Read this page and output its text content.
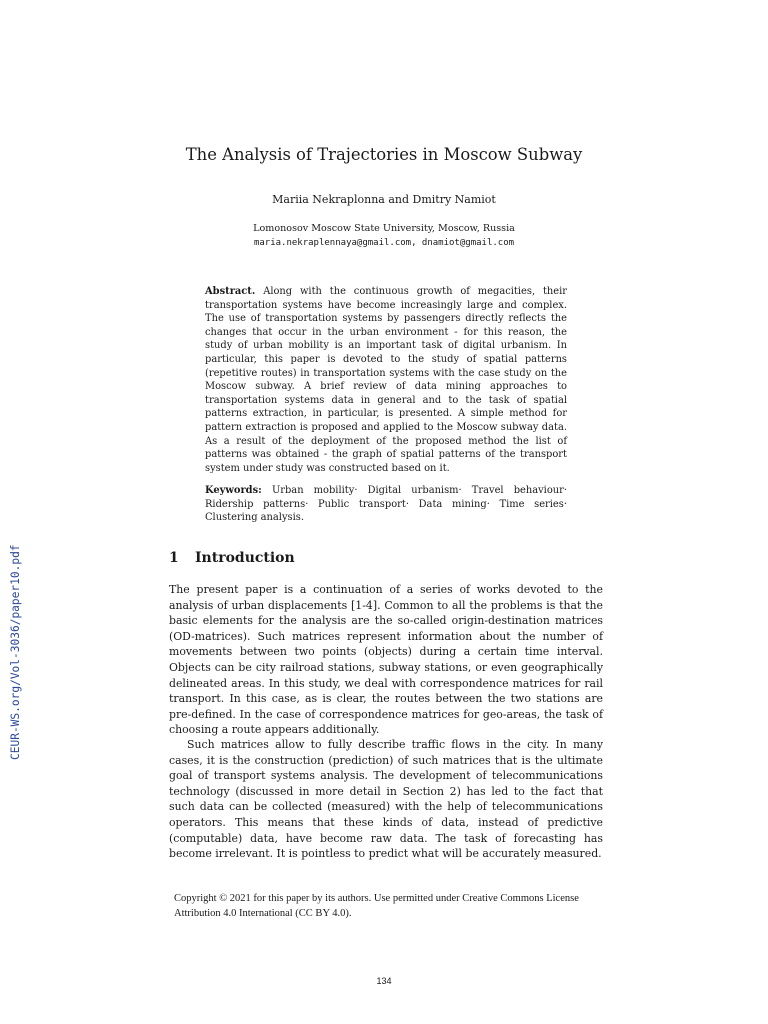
CEUR-WS.org/Vol-3036/paper10.pdf
The Analysis of Trajectories in Moscow Subway
Mariia Nekraplonna and Dmitry Namiot
Lomonosov Moscow State University, Moscow, Russia
maria.nekraplennaya@gmail.com, dnamiot@gmail.com

Abstract. Along with the continuous growth of megacities, their transportation systems have become increasingly large and complex. The use of transportation systems by passengers directly reflects the changes that occur in the urban environment - for this reason, the study of urban mobility is an important task of digital urbanism. In particular, this paper is devoted to the study of spatial patterns (repetitive routes) in transportation systems with the case study on the Moscow subway. A brief review of data mining approaches to transportation systems data in general and to the task of spatial patterns extraction, in particular, is presented. A simple method for pattern extraction is proposed and applied to the Moscow subway data. As a result of the deployment of the proposed method the list of patterns was obtained - the graph of spatial patterns of the transport system under study was constructed based on it.

Keywords: Urban mobility· Digital urbanism· Travel behaviour· Ridership patterns· Public transport· Data mining· Time series· Clustering analysis.

1 Introduction

The present paper is a continuation of a series of works devoted to the analysis of urban displacements [1-4]. Common to all the problems is that the basic elements for the analysis are the so-called origin-destination matrices (OD-matrices). Such matrices represent information about the number of movements between two points (objects) during a certain time interval. Objects can be city railroad stations, subway stations, or even geographically delineated areas. In this study, we deal with correspondence matrices for rail transport. In this case, as is clear, the routes between the two stations are pre-defined. In the case of correspondence matrices for geo-areas, the task of choosing a route appears additionally.

Such matrices allow to fully describe traffic flows in the city. In many cases, it is the construction (prediction) of such matrices that is the ultimate goal of transport systems analysis. The development of telecommunications technology (discussed in more detail in Section 2) has led to the fact that such data can be collected (measured) with the help of telecommunications operators. This means that these kinds of data, instead of predictive (computable) data, have become raw data. The task of forecasting has become irrelevant. It is pointless to predict what will be accurately measured.

Copyright © 2021 for this paper by its authors. Use permitted under Creative Commons License Attribution 4.0 International (CC BY 4.0).

134
